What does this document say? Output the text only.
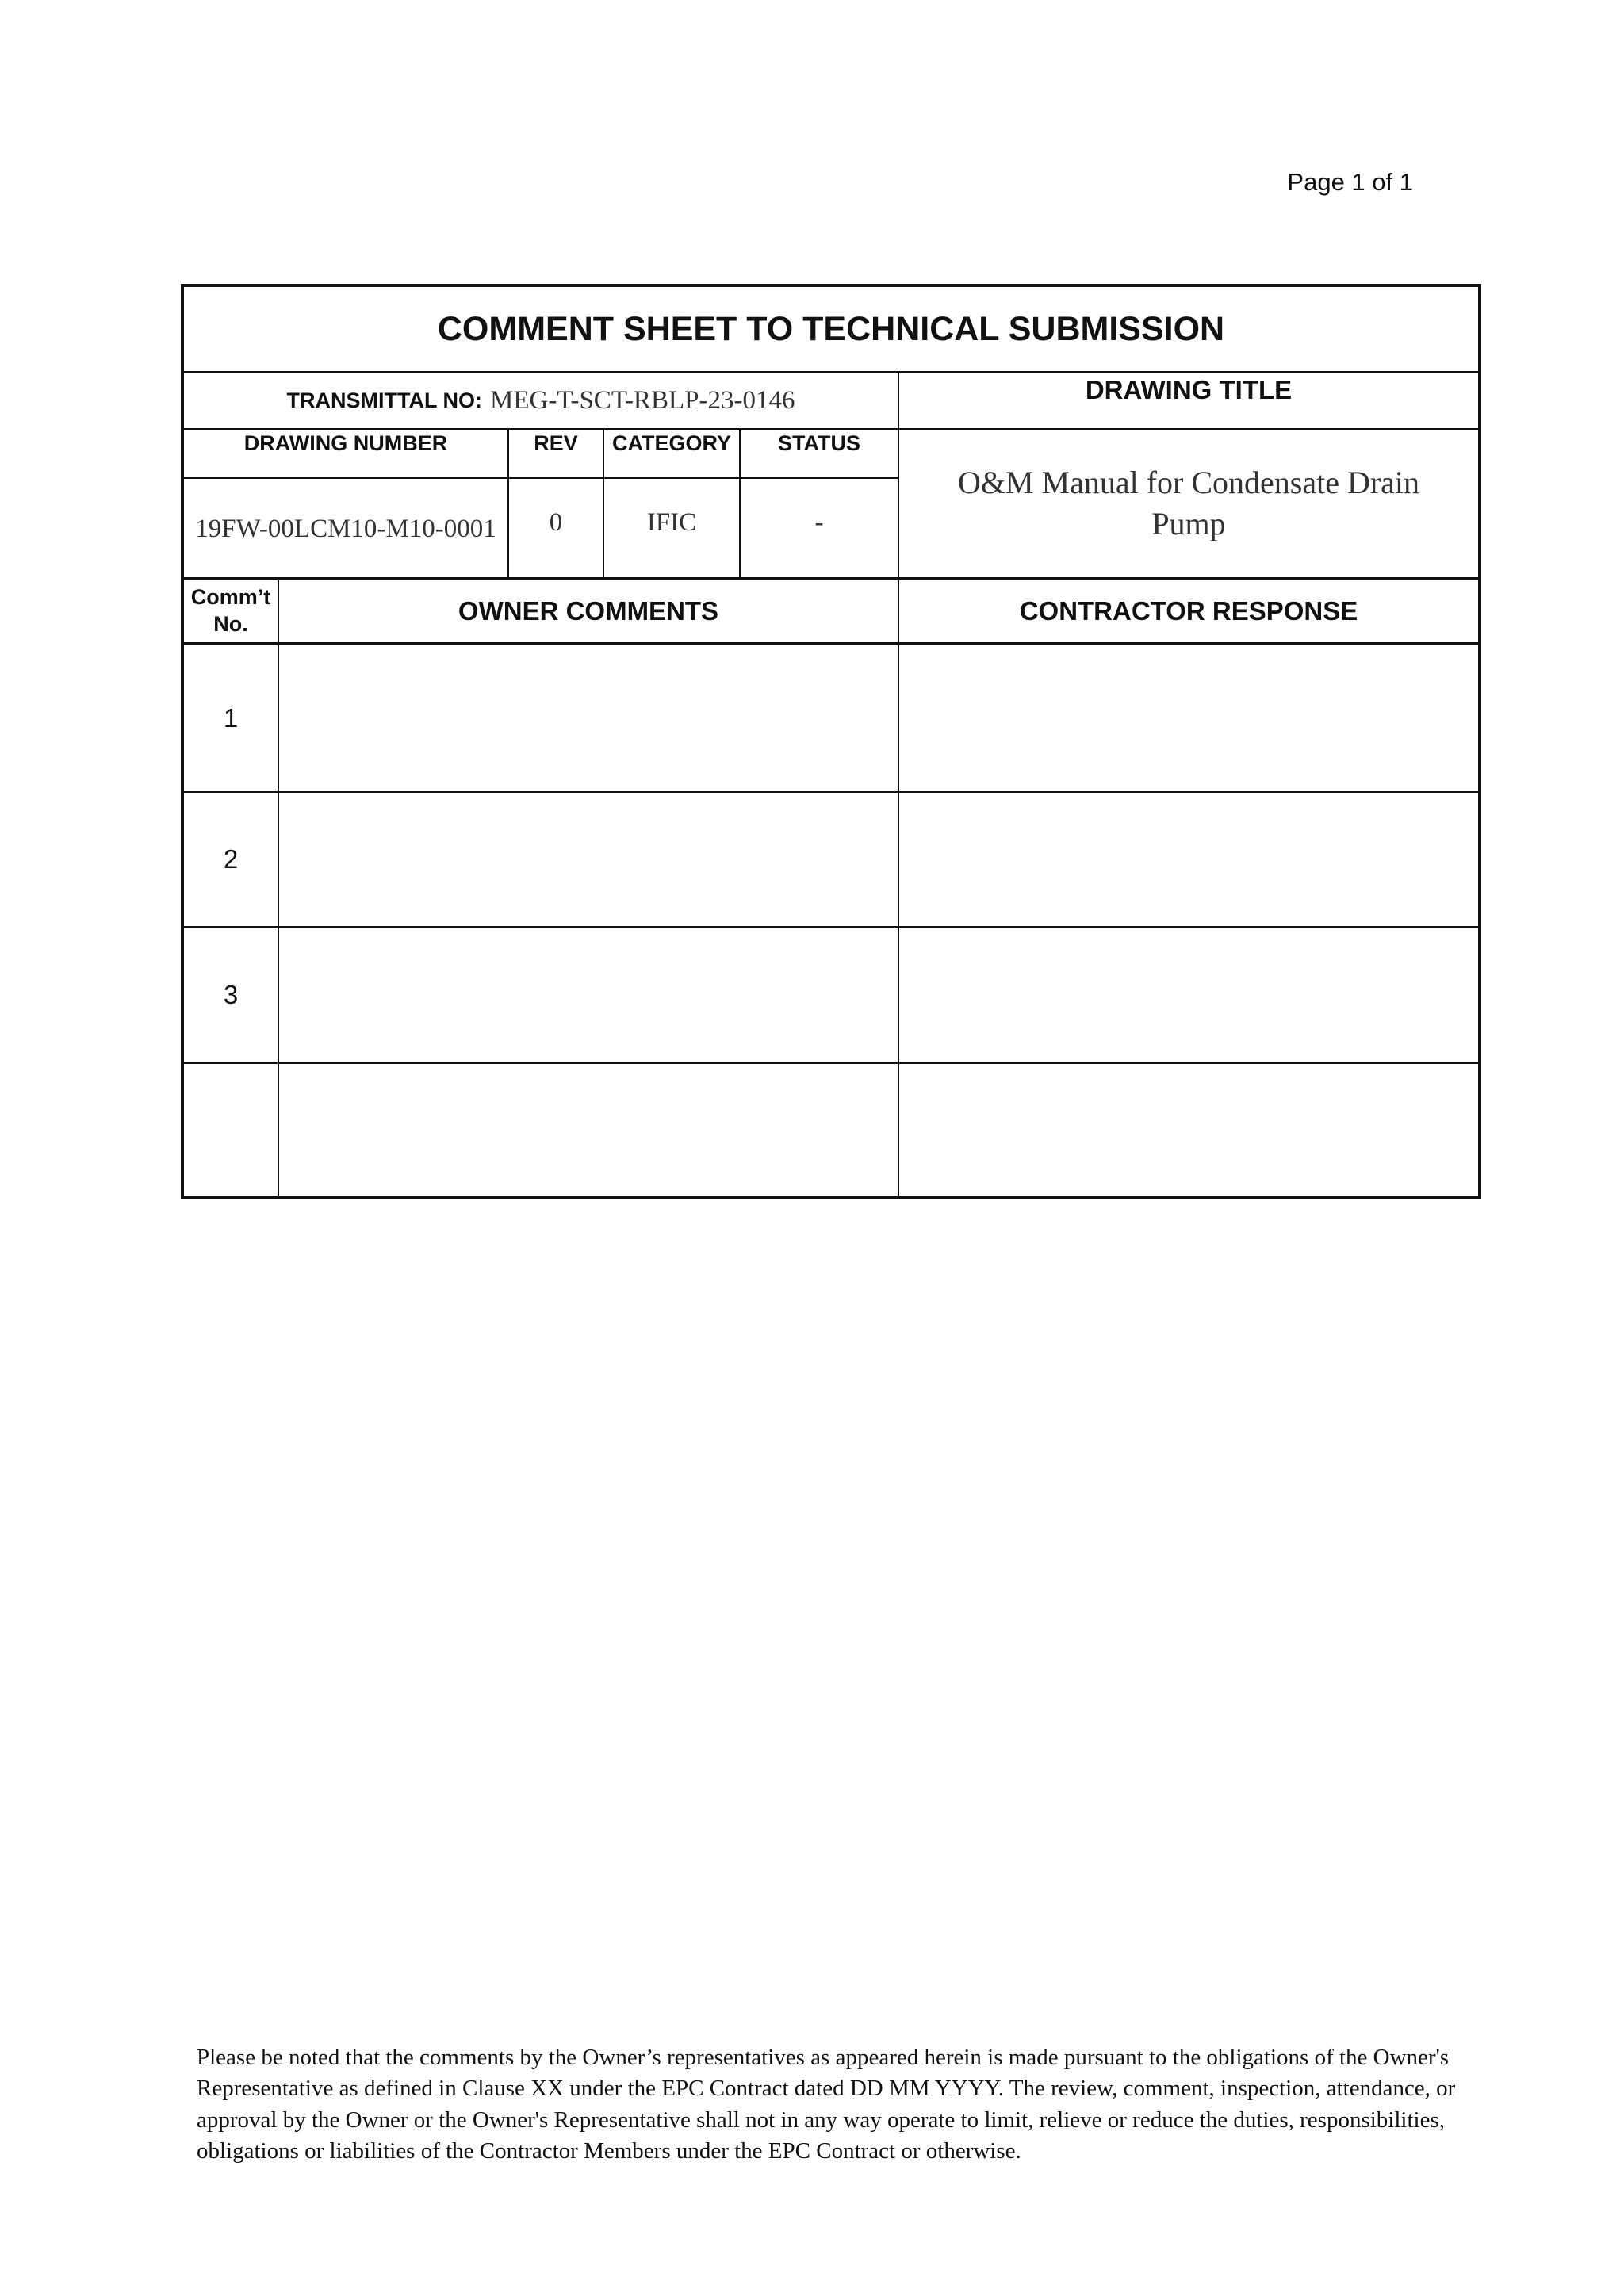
Page 1 of 1
COMMENT SHEET TO TECHNICAL SUBMISSION
TRANSMITTAL NO: MEG-T-SCT-RBLP-23-0146	DRAWING TITLE
DRAWING NUMBER	REV	CATEGORY	STATUS
19FW-00LCM10-M10-0001	0	IFIC	-
O&M Manual for Condensate Drain Pump
Comm’t No.	OWNER COMMENTS	CONTRACTOR RESPONSE
1
2
3
Please be noted that the comments by the Owner’s representatives as appeared herein is made pursuant to the obligations of the Owner's Representative as defined in Clause XX under the EPC Contract dated DD MM YYYY. The review, comment, inspection, attendance, or approval by the Owner or the Owner's Representative shall not in any way operate to limit, relieve or reduce the duties, responsibilities, obligations or liabilities of the Contractor Members under the EPC Contract or otherwise.
